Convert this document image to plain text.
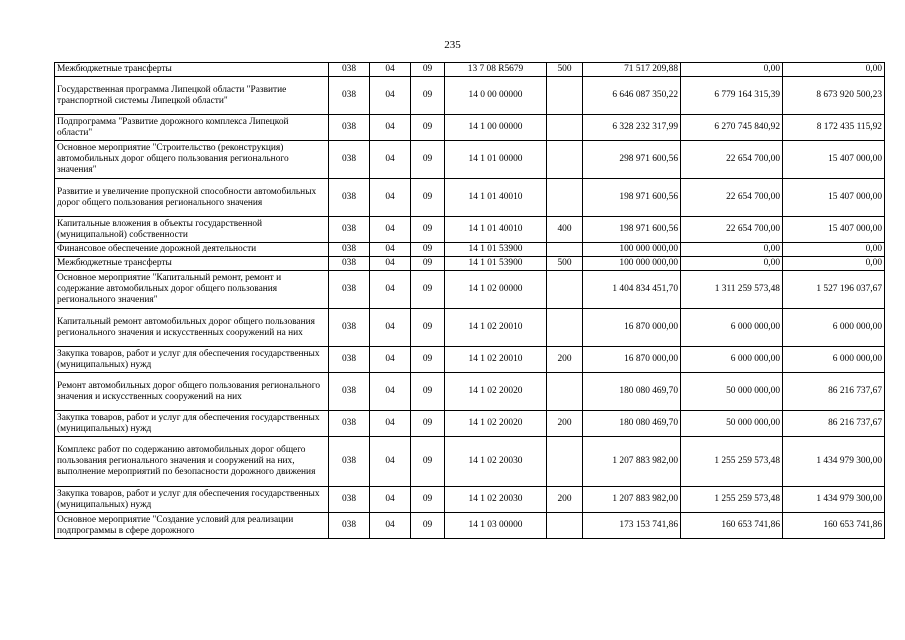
235
Межбюджетные трансферты	038	04	09	13 7 08 R5679	500	71 517 209,88	0,00	0,00
Государственная программа Липецкой области "Развитие транспортной системы Липецкой области"	038	04	09	14 0 00 00000		6 646 087 350,22	6 779 164 315,39	8 673 920 500,23
Подпрограмма "Развитие дорожного комплекса Липецкой области"	038	04	09	14 1 00 00000		6 328 232 317,99	6 270 745 840,92	8 172 435 115,92
Основное мероприятие "Строительство (реконструкция) автомобильных дорог общего пользования регионального значения"	038	04	09	14 1 01 00000		298 971 600,56	22 654 700,00	15 407 000,00
Развитие и увеличение пропускной способности автомобильных дорог общего пользования регионального значения	038	04	09	14 1 01 40010		198 971 600,56	22 654 700,00	15 407 000,00
Капитальные вложения в объекты государственной (муниципальной) собственности	038	04	09	14 1 01 40010	400	198 971 600,56	22 654 700,00	15 407 000,00
Финансовое обеспечение дорожной деятельности	038	04	09	14 1 01 53900		100 000 000,00	0,00	0,00
Межбюджетные трансферты	038	04	09	14 1 01 53900	500	100 000 000,00	0,00	0,00
Основное мероприятие "Капитальный ремонт, ремонт и содержание автомобильных дорог общего пользования регионального значения"	038	04	09	14 1 02 00000		1 404 834 451,70	1 311 259 573,48	1 527 196 037,67
Капитальный ремонт автомобильных дорог общего пользования регионального значения и искусственных сооружений на них	038	04	09	14 1 02 20010		16 870 000,00	6 000 000,00	6 000 000,00
Закупка товаров, работ и услуг для обеспечения государственных (муниципальных) нужд	038	04	09	14 1 02 20010	200	16 870 000,00	6 000 000,00	6 000 000,00
Ремонт автомобильных дорог общего пользования регионального значения и искусственных сооружений на них	038	04	09	14 1 02 20020		180 080 469,70	50 000 000,00	86 216 737,67
Закупка товаров, работ и услуг для обеспечения государственных (муниципальных) нужд	038	04	09	14 1 02 20020	200	180 080 469,70	50 000 000,00	86 216 737,67
Комплекс работ по содержанию автомобильных дорог общего пользования регионального значения и сооружений на них, выполнение мероприятий по безопасности дорожного движения	038	04	09	14 1 02 20030		1 207 883 982,00	1 255 259 573,48	1 434 979 300,00
Закупка товаров, работ и услуг для обеспечения государственных (муниципальных) нужд	038	04	09	14 1 02 20030	200	1 207 883 982,00	1 255 259 573,48	1 434 979 300,00
Основное мероприятие "Создание условий для реализации подпрограммы в сфере дорожного	038	04	09	14 1 03 00000		173 153 741,86	160 653 741,86	160 653 741,86
